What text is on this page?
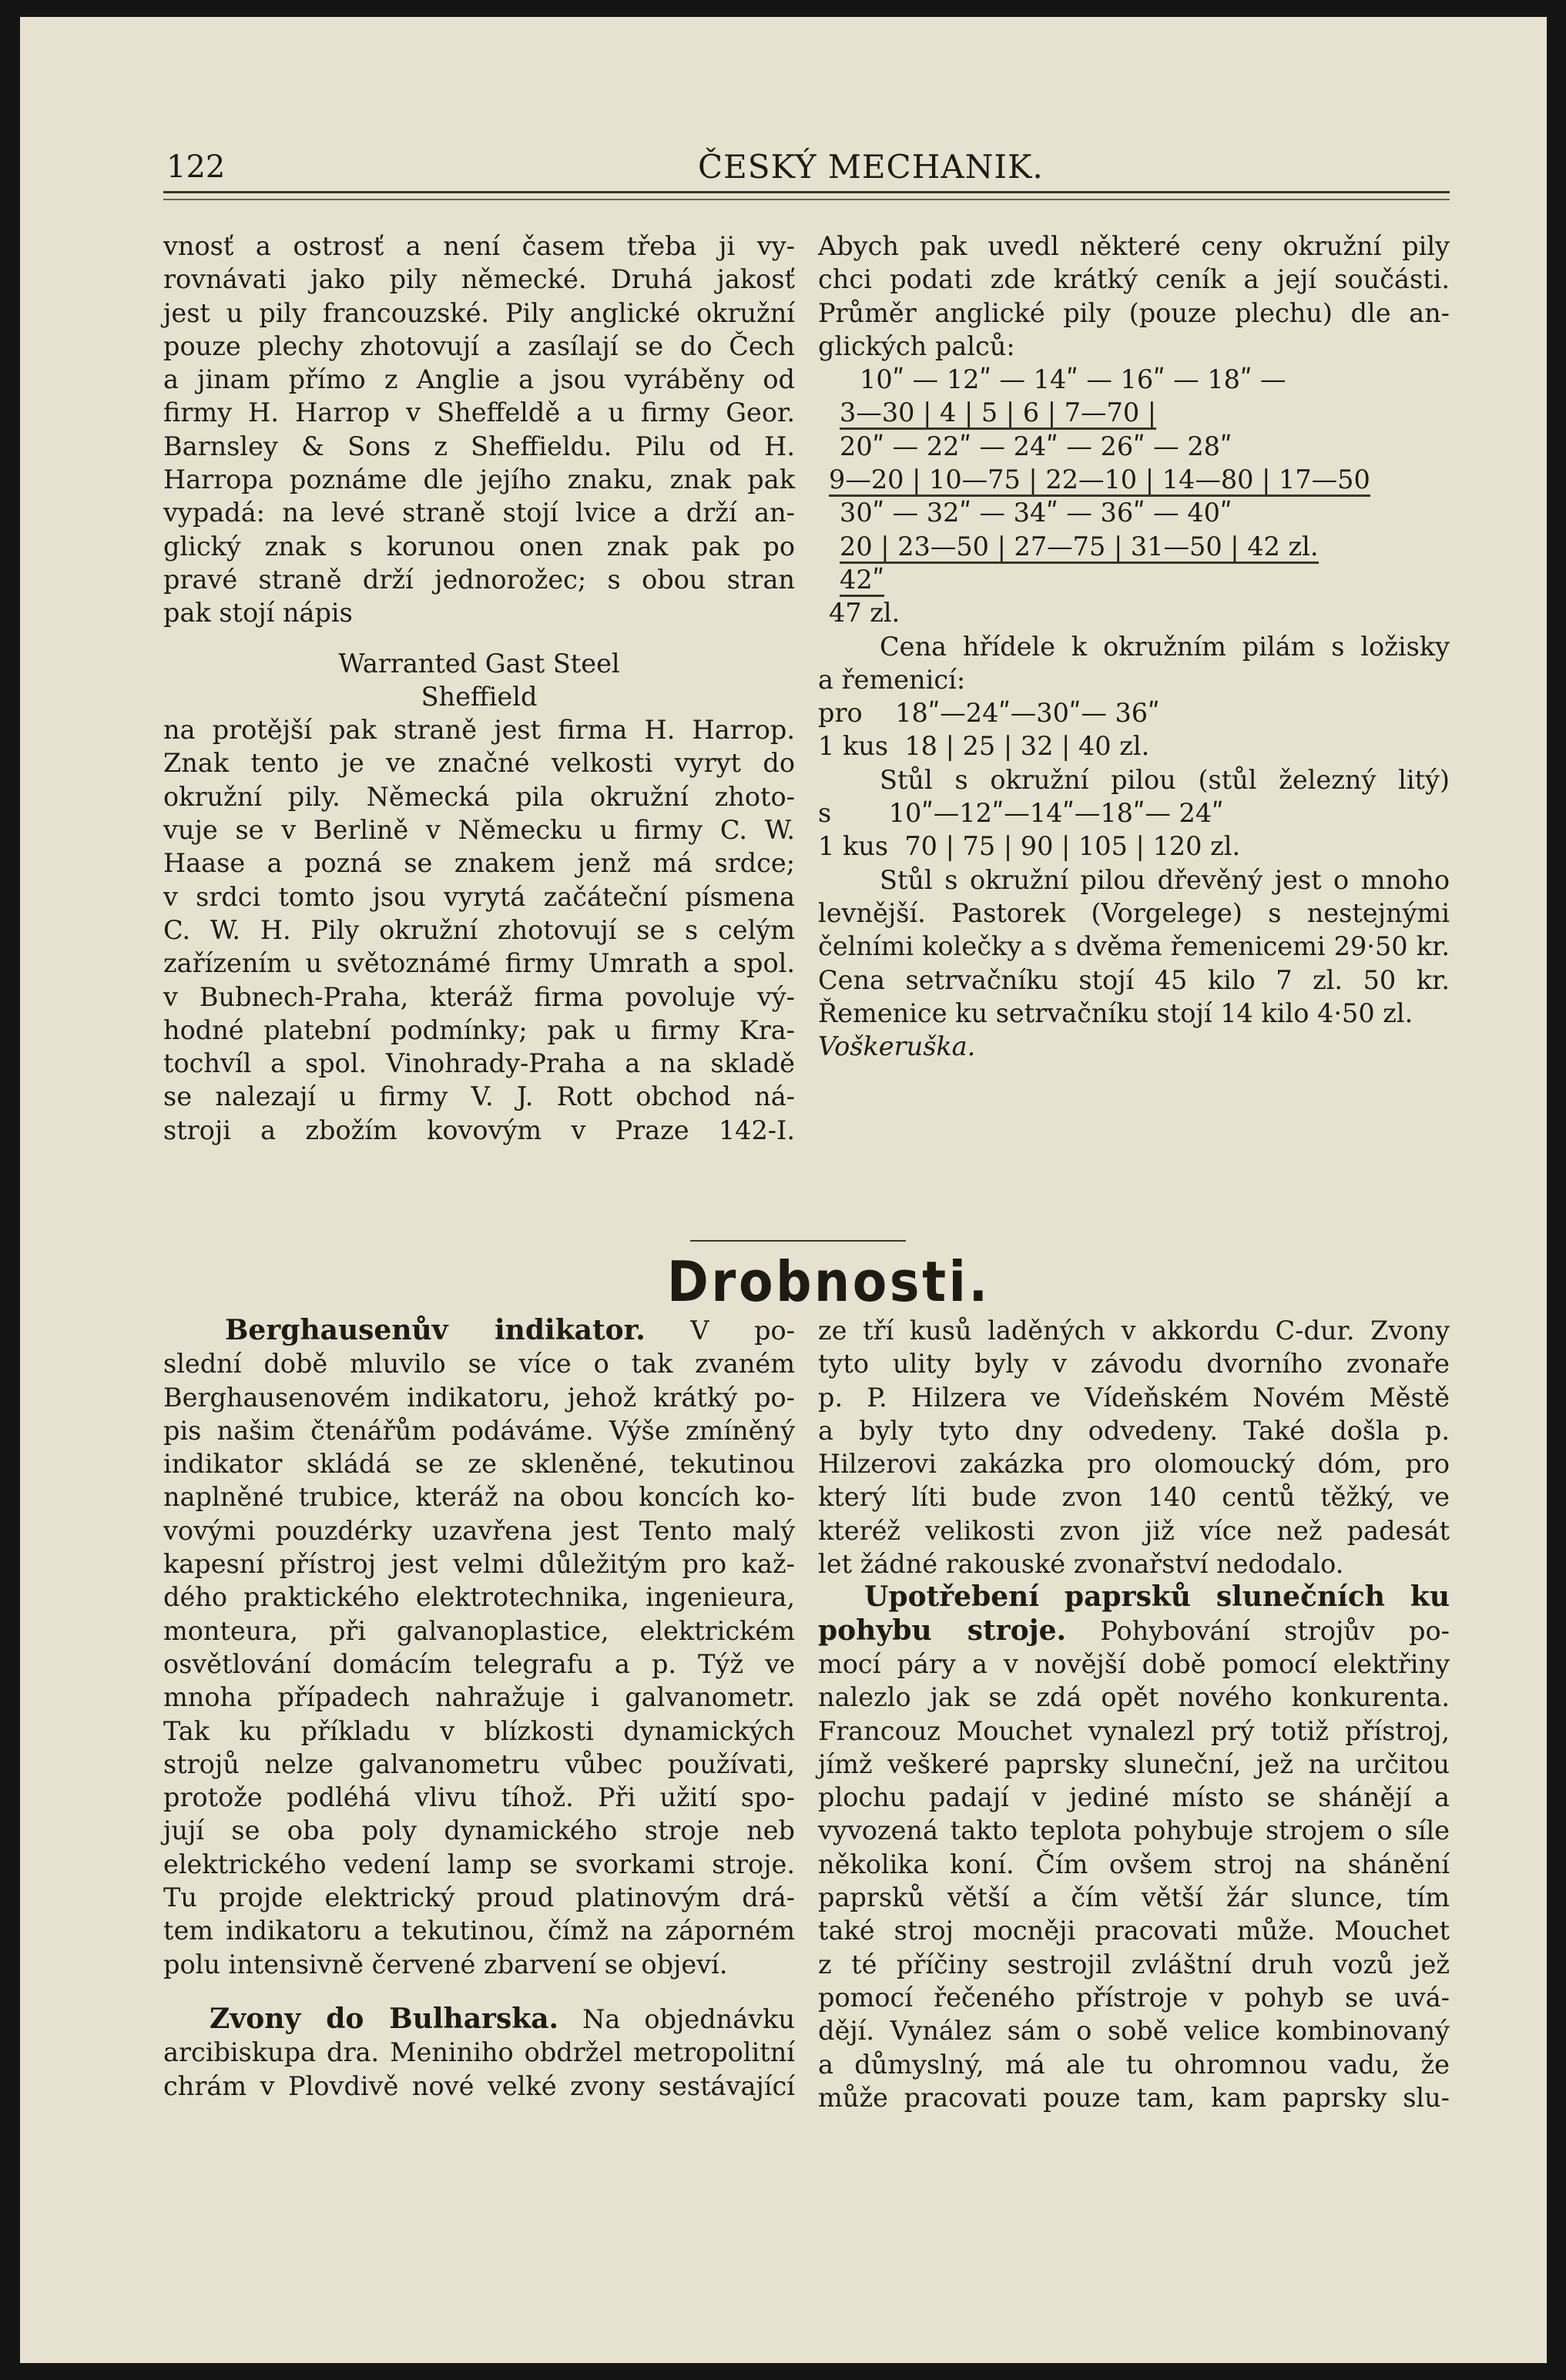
122	ČESKÝ MECHANIK.

vnosť a ostrosť a není časem třeba ji vy-

rovnávati jako pily německé. Druhá jakosť

jest u pily francouzské. Pily anglické okružní

pouze plechy zhotovují a zasílají se do Čech

a jinam přímo z Anglie a jsou vyráběny od

firmy H. Harrop v Sheffeldě a u firmy Geor.

Barnsley & Sons z Sheffieldu. Pilu od H.

Harropa poznáme dle jejího znaku, znak pak

vypadá: na levé straně stojí lvice a drží an-

glický znak s korunou onen znak pak po

pravé straně drží jednorožec; s obou stran

pak stojí nápis

Warranted Gast Steel

Sheffield

na protější pak straně jest firma H. Harrop.

Znak tento je ve značné velkosti vyryt do

okružní pily. Německá pila okružní zhoto-

vuje se v Berlině v Německu u firmy C. W.

Haase a pozná se znakem jenž má srdce;

v srdci tomto jsou vyrytá začáteční písmena

C. W. H. Pily okružní zhotovují se s celým

zařízením u světoznámé firmy Umrath a spol.

v Bubnech-Praha, kteráž firma povoluje vý-

hodné platební podmínky; pak u firmy Kra-

tochvíl a spol. Vinohrady-Praha a na skladě

se nalezají u firmy V. J. Rott obchod ná-

stroji a zbožím kovovým v Praze 142-I.

Abych pak uvedl některé ceny okružní pily

chci podati zde krátký ceník a její součásti.

Průměr anglické pily (pouze plechu) dle an-

glických palců:

10ʺ — 12ʺ — 14ʺ — 16ʺ — 18ʺ —
3—30 | 4 | 5 | 6 | 7—70 |
20ʺ — 22ʺ — 24ʺ — 26ʺ — 28ʺ
9—20 | 10—75 | 22—10 | 14—80 | 17—50
30ʺ — 32ʺ — 34ʺ — 36ʺ — 40ʺ
20 | 23—50 | 27—75 | 31—50 | 42 zl.
42ʺ
47 zl.

Cena hřídele k okružním pilám s ložisky

a řemenicí:

pro    18ʺ—24ʺ—30ʺ— 36ʺ
1 kus  18 | 25 | 32 | 40 zl.

Stůl s okružní pilou (stůl železný litý)

s       10ʺ—12ʺ—14ʺ—18ʺ— 24ʺ
1 kus  70 | 75 | 90 | 105 | 120 zl.

Stůl s okružní pilou dřevěný jest o mnoho

levnější. Pastorek (Vorgelege) s nestejnými

čelními kolečky a s dvěma řemenicemi 29·50 kr.

Cena setrvačníku stojí 45 kilo 7 zl. 50 kr.

Řemenice ku setrvačníku stojí 14 kilo 4·50 zl.

Voškeruška.

Drobnosti.

Berghausenův indikator. V po-

slední době mluvilo se více o tak zvaném

Berghausenovém indikatoru, jehož krátký po-

pis našim čtenářům podáváme. Výše zmíněný

indikator skládá se ze skleněné, tekutinou

naplněné trubice, kteráž na obou koncích ko-

vovými pouzdérky uzavřena jest Tento malý

kapesní přístroj jest velmi důležitým pro kaž-

dého praktického elektrotechnika, ingenieura,

monteura, při galvanoplastice, elektrickém

osvětlování domácím telegrafu a p. Týž ve

mnoha případech nahražuje i galvanometr.

Tak ku příkladu v blízkosti dynamických

strojů nelze galvanometru vůbec používati,

protože podléhá vlivu tíhož. Při užití spo-

jují se oba poly dynamického stroje neb

elektrického vedení lamp se svorkami stroje.

Tu projde elektrický proud platinovým drá-

tem indikatoru a tekutinou, čímž na záporném

polu intensivně červené zbarvení se objeví.

Zvony do Bulharska. Na objednávku

arcibiskupa drа. Meniniho obdržel metropolitní

chrám v Plovdivě nové velké zvony sestávající

ze tří kusů laděných v akkordu C-dur. Zvony

tyto ulity byly v závodu dvorního zvonaře

p. P. Hilzera ve Vídeňském Novém Městě

a byly tyto dny odvedeny. Také došla p.

Hilzerovi zakázka pro olomoucký dóm, pro

který líti bude zvon 140 centů těžký, ve

kteréž velikosti zvon již více než padesát

let žádné rakouské zvonařství nedodalo.

Upotřebení paprsků slunečních ku

pohybu stroje. Pohybování strojův po-

mocí páry a v novější době pomocí elektřiny

nalezlo jak se zdá opět nového konkurenta.

Francouz Mouchet vynalezl prý totiž přístroj,

jímž veškeré paprsky sluneční, jež na určitou

plochu padají v jediné místo se shánějí a

vyvozená takto teplota pohybuje strojem o síle

několika koní. Čím ovšem stroj na shánění

paprsků větší a čím větší žár slunce, tím

také stroj mocněji pracovati může. Mouchet

z té příčiny sestrojil zvláštní druh vozů jež

pomocí řečeného přístroje v pohyb se uvá-

dějí. Vynález sám o sobě velice kombinovaný

a důmyslný, má ale tu ohromnou vadu, že

může pracovati pouze tam, kam paprsky slu-
